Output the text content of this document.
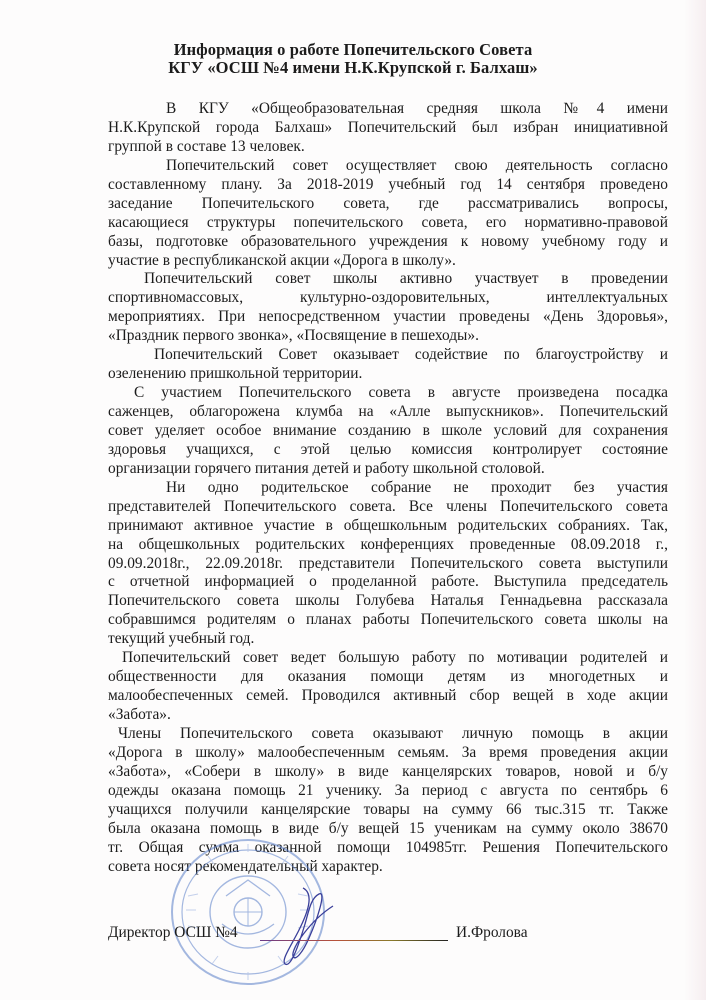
Информация о работе Попечительского Совета
КГУ «ОСШ №4 имени Н.К.Крупской г. Балхаш»
В КГУ «Общеобразовательная средняя школа №4 имени
Н.К.Крупской города Балхаш» Попечительский был избран инициативной
группой в составе 13 человек.
Попечительский совет осуществляет свою деятельность согласно
составленному плану. За 2018-2019 учебный год 14 сентября проведено
заседание Попечительского совета, где рассматривались вопросы,
касающиеся структуры попечительского совета, его нормативно-правовой
базы, подготовке образовательного учреждения к новому учебному году и
участие в республиканской акции «Дорога в школу».
Попечительский совет школы активно участвует в проведении
спортивномассовых, культурно-оздоровительных, интеллектуальных
мероприятиях. При непосредственном участии проведены «День Здоровья»,
«Праздник первого звонка», «Посвящение в пешеходы».
Попечительский Совет оказывает содействие по благоустройству и
озеленению пришкольной территории.
С участием Попечительского совета в августе произведена посадка
саженцев, облагорожена клумба на «Алле выпускников». Попечительский
совет уделяет особое внимание созданию в школе условий для сохранения
здоровья учащихся, с этой целью комиссия контролирует состояние
организации горячего питания детей и работу школьной столовой.
Ни одно родительское собрание не проходит без участия
представителей Попечительского совета. Все члены Попечительского совета
принимают активное участие в общешкольным родительских собраниях. Так,
на общешкольных родительских конференциях проведенные 08.09.2018 г.,
09.09.2018г., 22.09.2018г. представители Попечительского совета выступили
с отчетной информацией о проделанной работе. Выступила председатель
Попечительского совета школы Голубева Наталья Геннадьевна рассказала
собравшимся родителям о планах работы Попечительского совета школы на
текущий учебный год.
Попечительский совет ведет большую работу по мотивации родителей и
общественности для оказания помощи детям из многодетных и
малообеспеченных семей. Проводился активный сбор вещей в ходе акции
«Забота».
Члены Попечительского совета оказывают личную помощь в акции
«Дорога в школу» малообеспеченным семьям. За время проведения акции
«Забота», «Собери в школу» в виде канцелярских товаров, новой и б/у
одежды оказана помощь 21 ученику. За период с августа по сентябрь 6
учащихся получили канцелярские товары на сумму 66 тыс.315 тг. Также
была оказана помощь в виде б/у вещей 15 ученикам на сумму около 38670
тг. Общая сумма оказанной помощи 104985тг. Решения Попечительского
совета носят рекомендательный характер.
Директор ОСШ №4	И.Фролова
